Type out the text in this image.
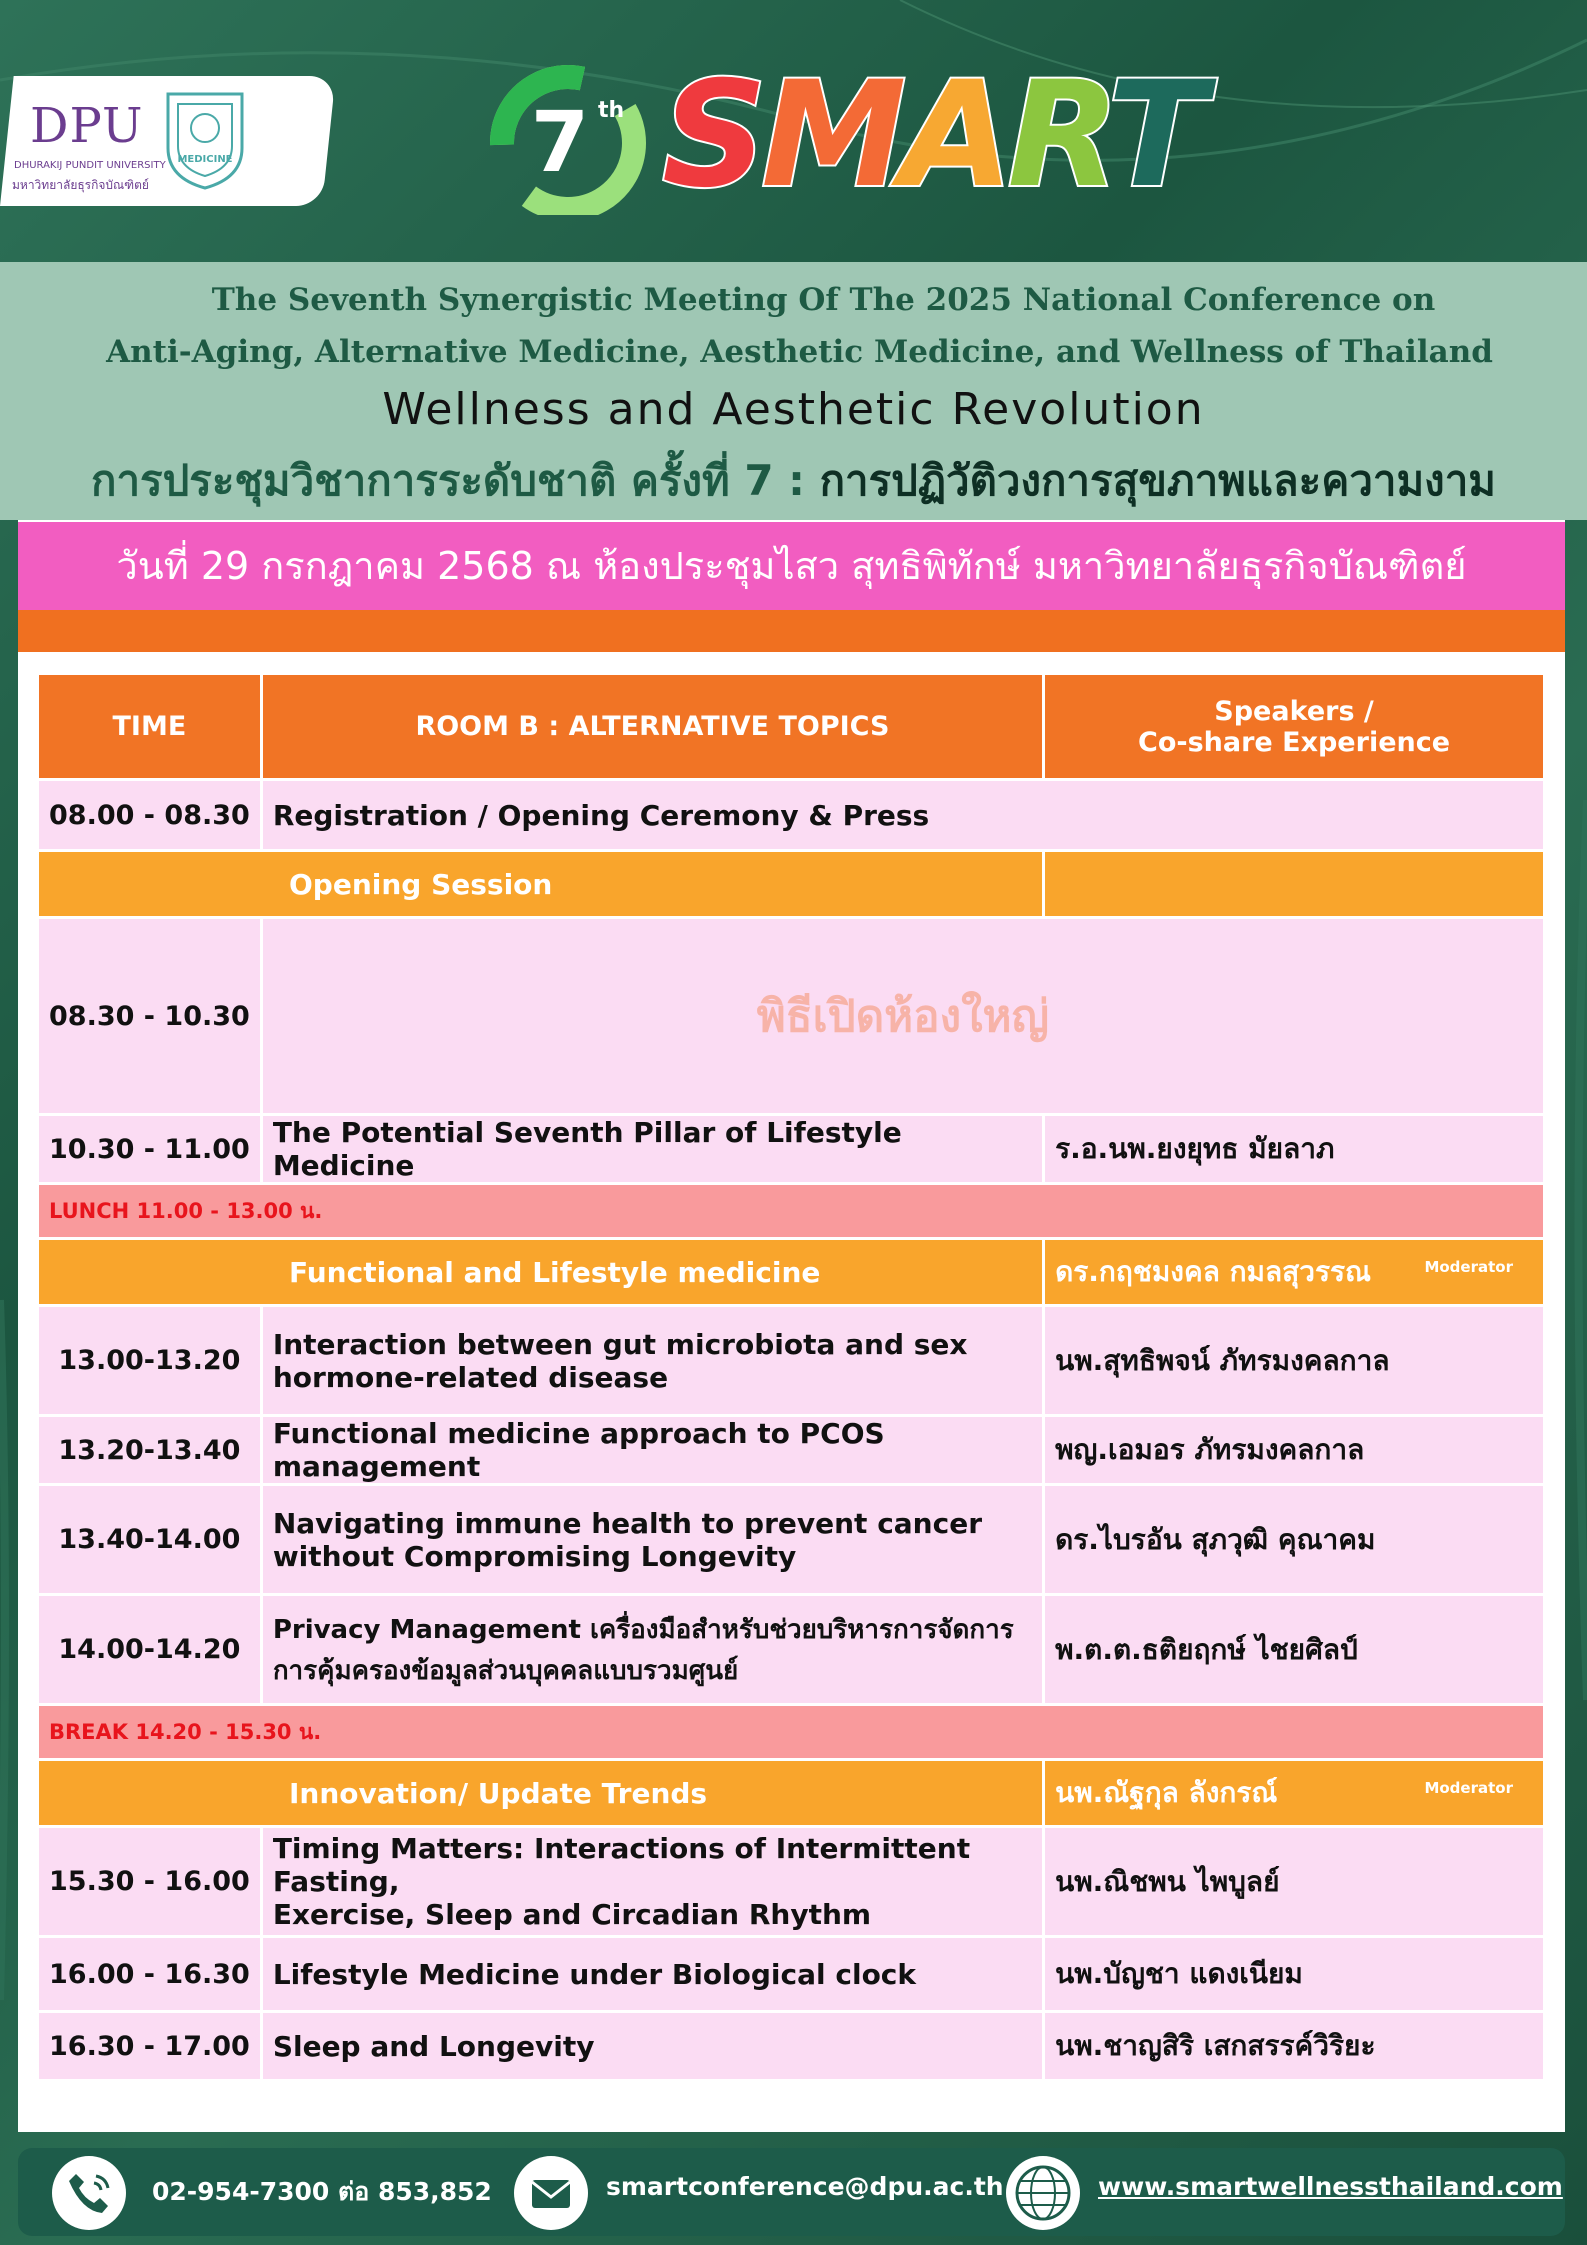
DPU
DHURAKIJ PUNDIT UNIVERSITY
มหาวิทยาลัยธุรกิจบัณฑิตย์
MEDICINE	7 th SMART
The Seventh Synergistic Meeting Of The 2025 National Conference on
Anti-Aging, Alternative Medicine, Aesthetic Medicine, and Wellness of Thailand
Wellness and Aesthetic Revolution
การประชุมวิชาการระดับชาติ ครั้งที่ 7 : การปฏิวัติวงการสุขภาพและความงาม
วันที่ 29 กรกฎาคม 2568 ณ ห้องประชุมไสว สุทธิพิทักษ์ มหาวิทยาลัยธุรกิจบัณฑิตย์
TIME	ROOM B : ALTERNATIVE TOPICS	Speakers /
Co-share Experience
08.00 - 08.30	Registration / Opening Ceremony & Press	
Opening Session		
08.30 - 10.30	พิธีเปิดห้องใหญ่	
10.30 - 11.00	The Potential Seventh Pillar of Lifestyle Medicine	ร.อ.นพ.ยงยุทธ มัยลาภ
LUNCH 11.00 - 13.00 น.		
Functional and Lifestyle medicine		ดร.กฤชมงคล กมลสุวรรณ Moderator

13.00-13.20	Interaction between gut microbiota and sex
hormone-related disease	นพ.สุทธิพจน์ ภัทรมงคลกาล
13.20-13.40	Functional medicine approach to PCOS management	พญ.เอมอร ภัทรมงคลกาล
13.40-14.00	Navigating immune health to prevent cancer
without Compromising Longevity	ดร.ไบรอัน สุภวุฒิ คุณาคม
14.00-14.20	Privacy Management เครื่องมือสำหรับช่วยบริหารการจัดการ
การคุ้มครองข้อมูลส่วนบุคคลแบบรวมศูนย์	พ.ต.ต.ธติยฤกษ์ ไชยศิลป์
BREAK 14.20 - 15.30 น.		
Innovation/ Update Trends		นพ.ณัฐกุล ลังกรณ์ Moderator

15.30 - 16.00	Timing Matters: Interactions of Intermittent Fasting,
Exercise, Sleep and Circadian Rhythm	นพ.ณิชพน ไพบูลย์
16.00 - 16.30	Lifestyle Medicine under Biological clock	นพ.บัญชา แดงเนียม
16.30 - 17.00	Sleep and Longevity	นพ.ชาญสิริ เสกสรรค์วิริยะ
02-954-7300 ต่อ 853,852	smartconference@dpu.ac.th	www.smartwellnessthailand.com
